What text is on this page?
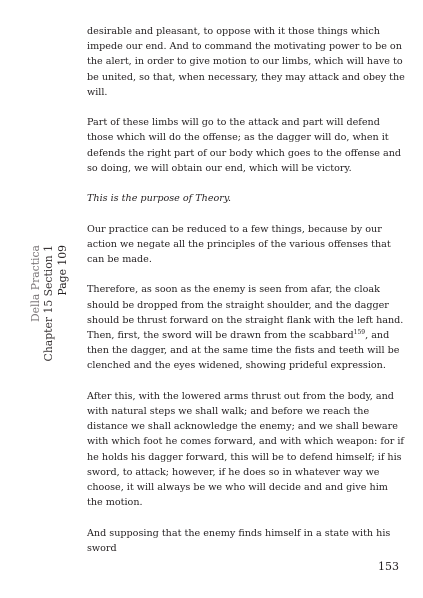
desirable and pleasant, to oppose with it those things which impede our end. And to command the motivating power to be on the alert, in order to give motion to our limbs, which will have to be united, so that, when necessary, they may attack and obey the will.

Part of these limbs will go to the attack and part will defend those which will do the offense; as the dagger will do, when it defends the right part of our body which goes to the offense and so doing, we will obtain our end, which will be victory.

This is the purpose of Theory.

Our practice can be reduced to a few things, because by our action we negate all the principles of the various offenses that can be made.

Therefore, as soon as the enemy is seen from afar, the cloak should be dropped from the straight shoulder, and the dagger should be thrust forward on the straight flank with the left hand. Then, first, the sword will be drawn from the scabbard$^{159}$, and then the dagger, and at the same time the fists and teeth will be clenched and the eyes widened, showing prideful expression.

After this, with the lowered arms thrust out from the body, and with natural steps we shall walk; and before we reach the distance we shall acknowledge the enemy; and we shall beware with which foot he comes forward, and with which weapon: for if he holds his dagger forward, this will be to defend himself; if his sword, to attack; however, if he does so in whatever way we choose, it will always be we who will decide and and give him the motion.

And supposing that the enemy finds himself in a state with his sword

Della Practica Chapter 15 Section 1 Page 109
153
